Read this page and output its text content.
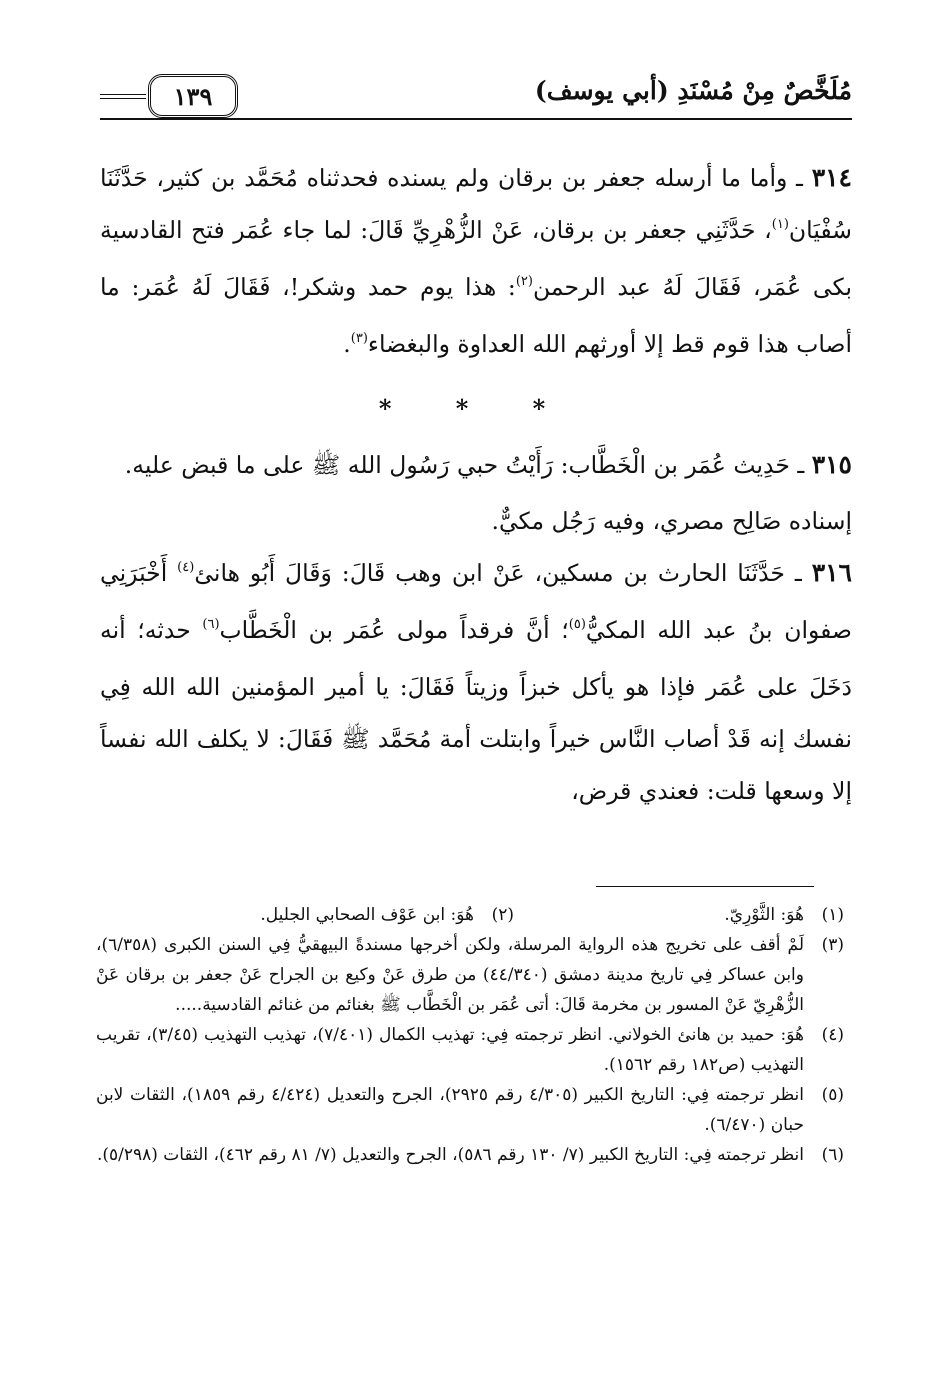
مُلَخَّصٌ مِنْ مُسْنَدِ (أبي يوسف)
١٣٩

٣١٤ ـ وأما ما أرسله جعفر بن برقان ولم يسنده فحدثناه مُحَمَّد بن كثير، حَدَّثَنَا سُفْيَان$^{(١)}$، حَدَّثَنِي جعفر بن برقان، عَنْ الزُّهْرِيِّ قَالَ: لما جاء عُمَر فتح القادسية بكى عُمَر، فَقَالَ لَهُ عبد الرحمن$^{(٢)}$: هذا يوم حمد وشكر!، فَقَالَ لَهُ عُمَر: ما أصاب هذا قوم قط إلا أورثهم الله العداوة والبغضاء$^{(٣)}$.

* * *

٣١٥ ـ حَدِيث عُمَر بن الْخَطَّاب: رَأَيْتُ حبي رَسُول الله ﷺ على ما قبض عليه.

إسناده صَالِح مصري، وفيه رَجُل مكيٌّ.

٣١٦ ـ حَدَّثَنَا الحارث بن مسكين، عَنْ ابن وهب قَالَ: وَقَالَ أَبُو هانئ$^{(٤)}$ أَخْبَرَنِي صفوان بنُ عبد الله المكيُّ$^{(٥)}$؛ أنَّ فرقداً مولى عُمَر بن الْخَطَّاب$^{(٦)}$ حدثه؛ أنه دَخَلَ على عُمَر فإذا هو يأكل خبزاً وزيتاً فَقَالَ: يا أمير المؤمنين الله الله فِي نفسك إنه قَدْ أصاب النَّاس خيراً وابتلت أمة مُحَمَّد ﷺ فَقَالَ: لا يكلف الله نفساً إلا وسعها قلت: فعندي قرض،

(١)
هُوَ: الثَّوْرِيّ.
(٢)
هُوَ: ابن عَوْف الصحابي الجليل.
(٣)
لَمْ أقف على تخريج هذه الرواية المرسلة، ولكن أخرجها مسندةً البيهقيُّ فِي السنن الكبرى (٦/٣٥٨)، وابن عساكر فِي تاريخ مدينة دمشق (٤٤/٣٤٠) من طرق عَنْ وكيع بن الجراح عَنْ جعفر بن برقان عَنْ الزُّهْرِيّ عَنْ المسور بن مخرمة قَالَ: أتى عُمَر بن الْخَطَّاب ﷺ بغنائم من غنائم القادسية.....
(٤)
هُوَ: حميد بن هانئ الخولاني. انظر ترجمته فِي: تهذيب الكمال (٧/٤٠١)، تهذيب التهذيب (٣/٤٥)، تقريب التهذيب (ص١٨٢ رقم ١٥٦٢).
(٥)
انظر ترجمته فِي: التاريخ الكبير (٤/٣٠٥ رقم ٢٩٢٥)، الجرح والتعديل (٤/٤٢٤ رقم ١٨٥٩)، الثقات لابن حبان (٦/٤٧٠).
(٦)
انظر ترجمته فِي: التاريخ الكبير (٧/ ١٣٠ رقم ٥٨٦)، الجرح والتعديل (٧/ ٨١ رقم ٤٦٢)، الثقات (٥/٢٩٨).
